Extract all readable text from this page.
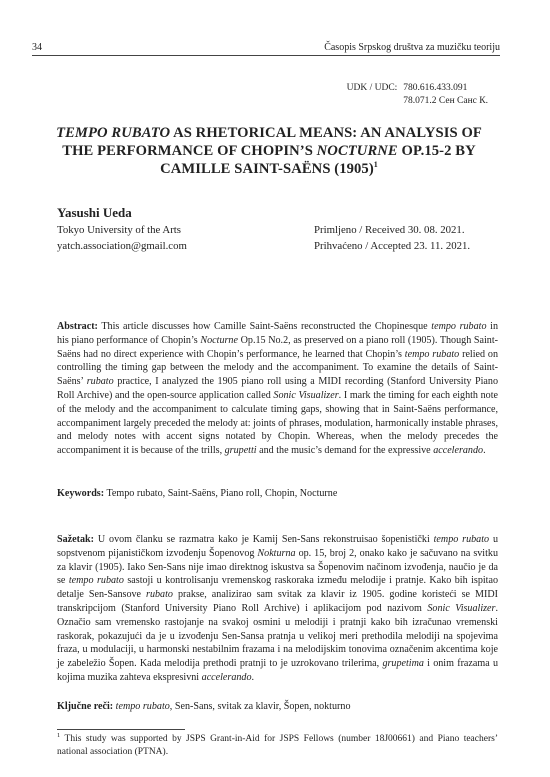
34	Časopis Srpskog društva za muzičku teoriju
UDK / UDC: 780.616.433.091
78.071.2 Сен Санс К.
TEMPO RUBATO AS RHETORICAL MEANS: AN ANALYSIS OF THE PERFORMANCE OF CHOPIN’S NOCTURNE OP.15-2 BY CAMILLE SAINT-SAËNS $(1905)^1$
Yasushi Ueda
Tokyo University of the Arts
yatch.association@gmail.com
Primljeno / Received 30. 08. 2021.
Prihvaćeno / Accepted 23. 11. 2021.
Abstract: This article discusses how Camille Saint-Saëns reconstructed the Chopinesque tempo rubato in his piano performance of Chopin’s Nocturne Op.15 No.2, as preserved on a piano roll (1905). Though Saint-Saëns had no direct experience with Chopin’s performance, he learned that Chopin’s tempo rubato relied on controlling the timing gap between the melody and the accompaniment. To examine the details of Saint-Saëns’ rubato practice, I analyzed the 1905 piano roll using a MIDI recording (Stanford University Piano Roll Archive) and the open-source application called Sonic Visualizer. I mark the timing for each eighth note of the melody and the accompaniment to calculate timing gaps, showing that in Saint-Saëns performance, accompaniment largely preceded the melody at: joints of phrases, modulation, harmonically instable phrases, and melody notes with accent signs notated by Chopin. Whereas, when the melody precedes the accompaniment it is because of the trills, grupetti and the music’s demand for the expressive accelerando.
Keywords: Tempo rubato, Saint-Saëns, Piano roll, Chopin, Nocturne
Sažetak: U ovom članku se razmatra kako je Kamij Sen-Sans rekonstruisao šopenistički tempo rubato u sopstvenom pijanističkom izvođenju Šopenovog Nokturna op. 15, broj 2, onako kako je sačuvano na svitku za klavir (1905). Iako Sen-Sans nije imao direktnog iskustva sa Šopenovim načinom izvođenja, naučio je da se tempo rubato sastoji u kontrolisanju vremenskog raskoraka između melodije i pratnje. Kako bih ispitao detalje Sen-Sansove rubato prakse, analizirao sam svitak za klavir iz 1905. godine koristeći se MIDI transkripcijom (Stanford University Piano Roll Archive) i aplikacijom pod nazivom Sonic Visualizer. Označio sam vremensko rastojanje na svakoj osmini u melodiji i pratnji kako bih izračunao vremenski raskorak, pokazujući da je u izvođenju Sen-Sansa pratnja u velikoj meri prethodila melodiji na spojevima fraza, u modulaciji, u harmonski nestabilnim frazama i na melodijskim tonovima označenim akcentima koje je zabeležio Šopen. Kada melodija prethodi pratnji to je uzrokovano trilerima, grupetima i onim frazama u kojima muzika zahteva ekspresivni accelerando.
Ključne reči: tempo rubato, Sen-Sans, svitak za klavir, Šopen, nokturno
$^1$ This study was supported by JSPS Grant-in-Aid for JSPS Fellows (number 18J00661) and Piano teachers’ national association (PTNA).
